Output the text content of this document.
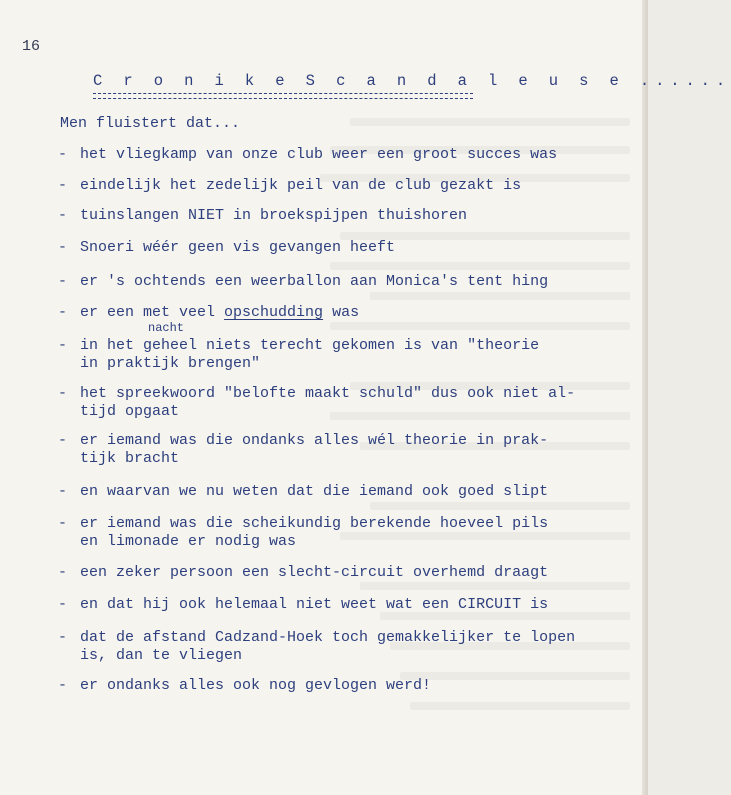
16
C r o n i k e S c a n d a l e u s e ......
Men fluistert dat...
- het vliegkamp van onze club weer een groot succes was
- eindelijk het zedelijk peil van de club gezakt is
- tuinslangen NIET in broekspijpen thuishoren
- Snoeri wéér geen vis gevangen heeft
- er 's ochtends een weerballon aan Monica's tent hing
- er een met veel opschudding was
nacht
- in het geheel niets terecht gekomen is van "theorie
in praktijk brengen"
- het spreekwoord "belofte maakt schuld" dus ook niet al-
tijd opgaat
- er iemand was die ondanks alles wél theorie in prak-
tijk bracht
- en waarvan we nu weten dat die iemand ook goed slipt
- er iemand was die scheikundig berekende hoeveel pils
en limonade er nodig was
- een zeker persoon een slecht-circuit overhemd draagt
- en dat hij ook helemaal niet weet wat een CIRCUIT is
- dat de afstand Cadzand-Hoek toch gemakkelijker te lopen
is, dan te vliegen
- er ondanks alles ook nog gevlogen werd!
